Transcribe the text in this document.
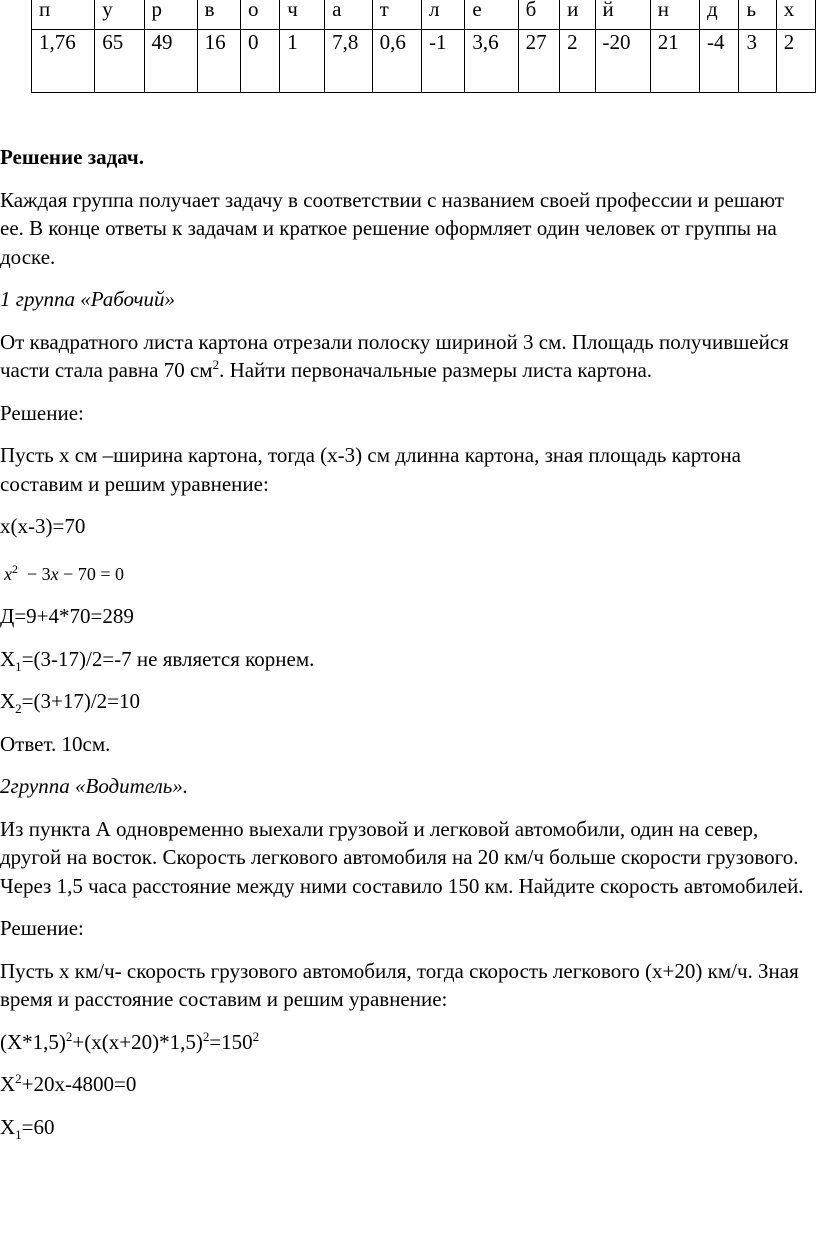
п	у	р	в	о	ч	а	т	л	е	б	и	й	н	д	ь	х
1,76	65	49	16	0	1	7,8	0,6	-1	3,6	27	2	-20	21	-4	3	2

Решение задач.

Каждая группа получает задачу в соответствии с названием своей профессии и решают ее. В конце ответы к задачам и краткое решение оформляет один человек от группы на доске.

1 группа «Рабочий»

От квадратного листа картона отрезали полоску шириной 3 см. Площадь получившейся части стала равна 70 $см^2$. Найти первоначальные размеры листа картона.

Решение:

Пусть х см –ширина картона, тогда (х-3) см длинна картона, зная площадь картона составим и решим уравнение:

х(х-3)=70

$x^2 - 3x - 70 = 0$

Д=9+4*70=289

$Х_1=(3-17)/2=-7$ не является корнем.

$Х_2=(3+17)/2=10$

Ответ. 10см.

2группа «Водитель».

Из пункта А одновременно выехали грузовой и легковой автомобили, один на север, другой на восток. Скорость легкового автомобиля на 20 км/ч больше скорости грузового. Через 1,5 часа расстояние между ними составило 150 км. Найдите скорость автомобилей.

Решение:

Пусть х км/ч- скорость грузового автомобиля, тогда скорость легкового (х+20) км/ч. Зная время и расстояние составим и решим уравнение:

$(Х*1,5)^2+(х(х+20)*1,5)^2=150^2$

$Х^2+20х-4800=0$

$Х_1=60$
